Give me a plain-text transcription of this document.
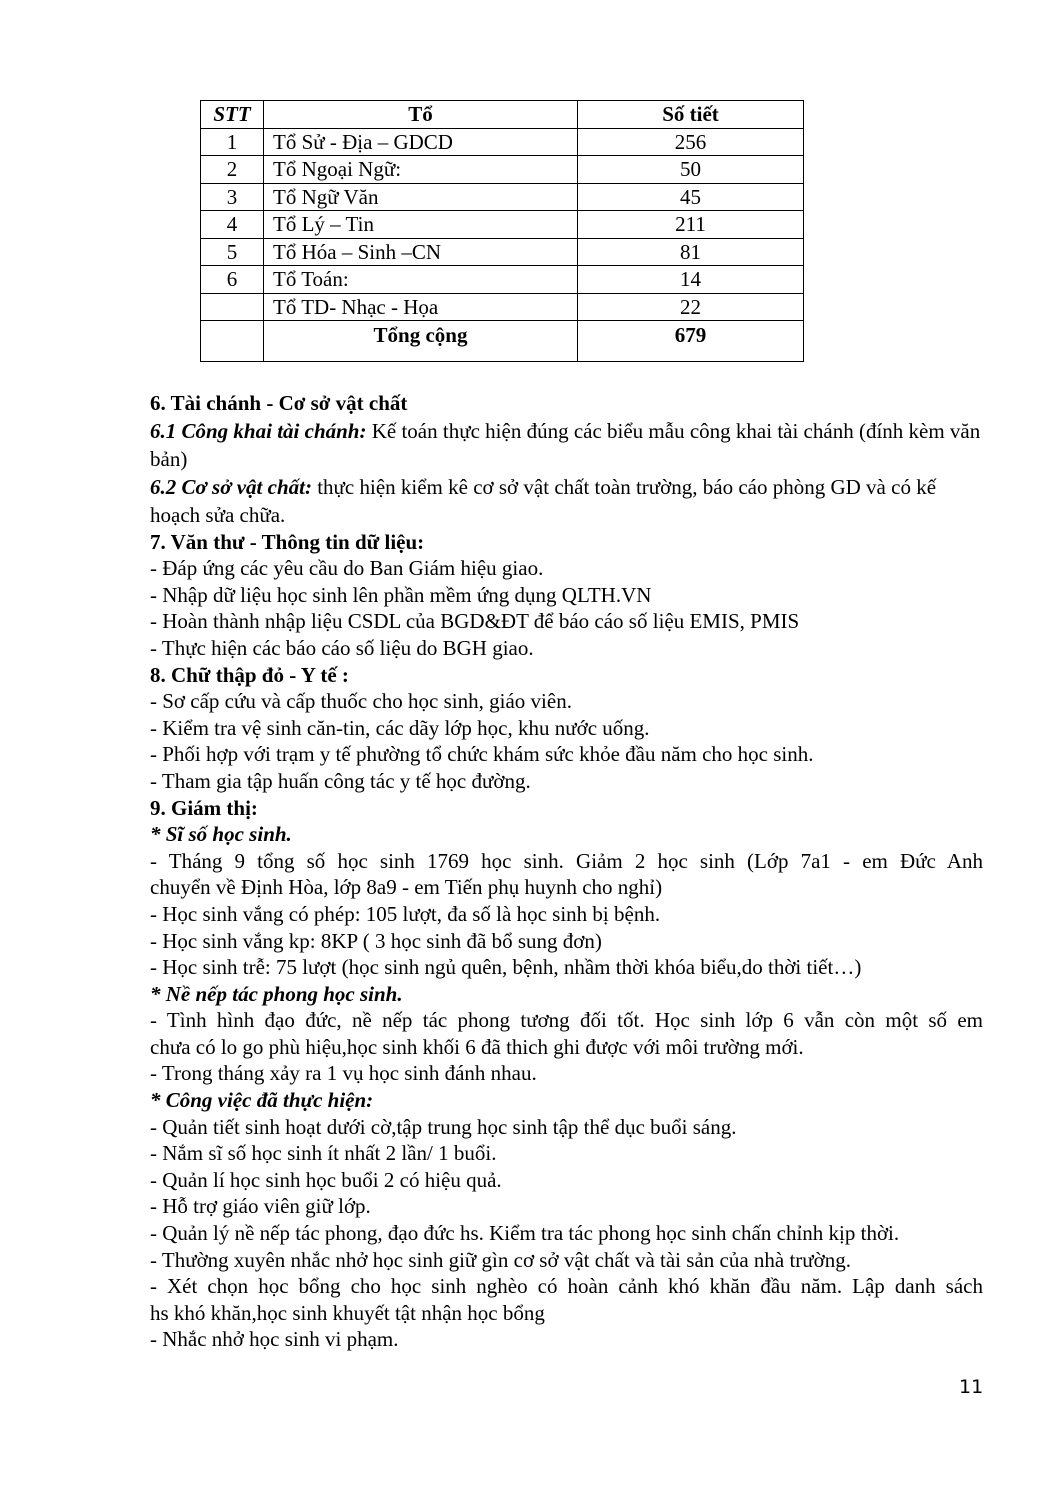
STT	Tổ	Số tiết
1	Tổ Sử - Địa – GDCD	256
2	Tổ Ngoại Ngữ:	50
3	Tổ Ngữ Văn	45
4	Tổ Lý – Tin	211
5	Tổ Hóa – Sinh –CN	81
6	Tổ Toán:	14
	Tổ TD- Nhạc - Họa	22
	Tổng cộng	679
6. Tài chánh - Cơ sở vật chất
6.1 Công khai tài chánh: Kế toán thực hiện đúng các biểu mẫu công khai tài chánh (đính kèm văn bản)
6.2 Cơ sở vật chất: thực hiện kiểm kê cơ sở vật chất toàn trường, báo cáo phòng GD và có kế hoạch sửa chữa.
7. Văn thư - Thông tin dữ liệu:
- Đáp ứng các yêu cầu do Ban Giám hiệu giao.
- Nhập dữ liệu học sinh lên phần mềm ứng dụng QLTH.VN
- Hoàn thành nhập liệu CSDL của BGD&ĐT để báo cáo số liệu EMIS, PMIS
- Thực hiện các báo cáo số liệu do BGH giao.
8. Chữ thập đỏ - Y tế :
- Sơ cấp cứu và cấp thuốc cho học sinh, giáo viên.
- Kiểm tra vệ sinh căn-tin, các dãy lớp học, khu nước uống.
- Phối hợp với trạm y tế phường tổ chức khám sức khỏe đầu năm cho học sinh.
- Tham gia tập huấn công tác y tế học đường.
9. Giám thị:
* Sĩ số học sinh.
- Tháng 9 tổng số học sinh 1769 học sinh. Giảm 2 học sinh (Lớp 7a1 - em Đức Anh
chuyển về Định Hòa, lớp 8a9 - em Tiến phụ huynh cho nghỉ)
- Học sinh vắng có phép: 105 lượt, đa số là học sinh bị bệnh.
- Học sinh vắng kp: 8KP ( 3 học sinh đã bổ sung đơn)
- Học sinh trễ: 75 lượt (học sinh ngủ quên, bệnh, nhầm thời khóa biểu,do thời tiết…)
* Nề nếp tác phong học sinh.
- Tình hình đạo đức, nề nếp tác phong tương đối tốt. Học sinh lớp 6 vẫn còn một số em
chưa có lo go phù hiệu,học sinh khối 6 đã thich ghi được với môi trường mới.
- Trong tháng xảy ra 1 vụ học sinh đánh nhau.
* Công việc đã thực hiện:
- Quản tiết sinh hoạt dưới cờ,tập trung học sinh tập thể dục buổi sáng.
- Nắm sĩ số học sinh ít nhất 2 lần/ 1 buổi.
- Quản lí học sinh học buổi 2 có hiệu quả.
- Hỗ trợ giáo viên giữ lớp.
- Quản lý nề nếp tác phong, đạo đức hs. Kiểm tra tác phong học sinh chấn chỉnh kịp thời.
- Thường xuyên nhắc nhở học sinh giữ gìn cơ sở vật chất và tài sản của nhà trường.
- Xét chọn học bổng cho học sinh nghèo có hoàn cảnh khó khăn đầu năm. Lập danh sách
hs khó khăn,học sinh khuyết tật nhận học bổng
- Nhắc nhở học sinh vi phạm.
11
